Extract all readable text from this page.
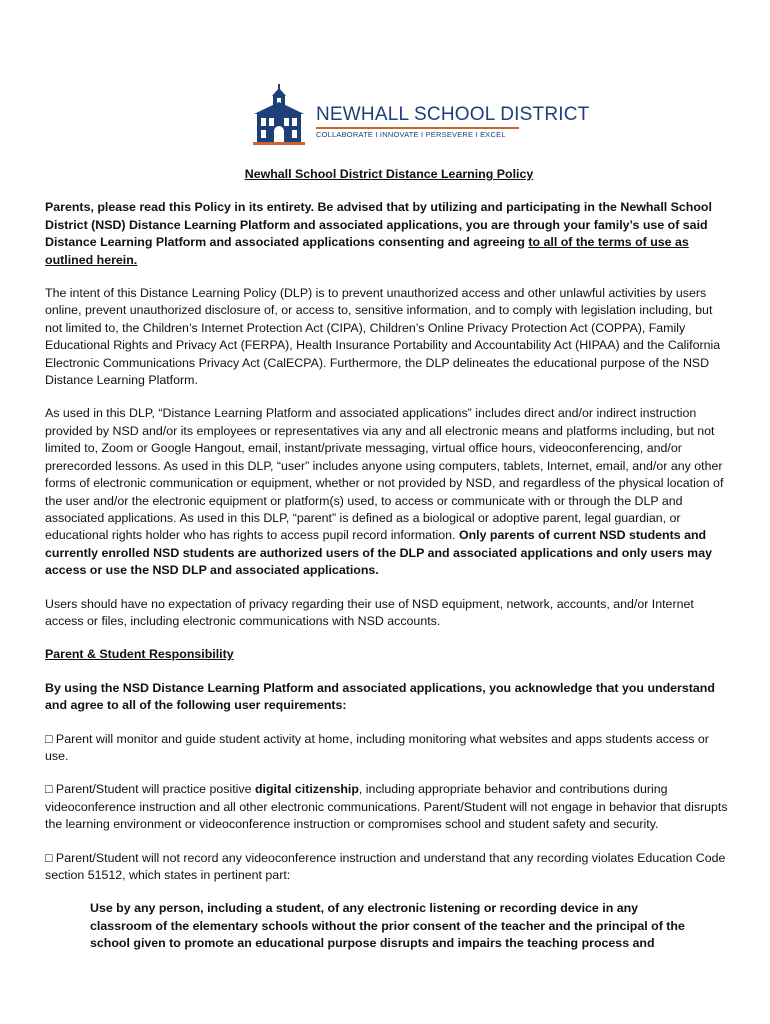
NEWHALL SCHOOL DISTRICT
COLLABORATE I INNOVATE I PERSEVERE I EXCEL
Newhall School District Distance Learning Policy

Parents, please read this Policy in its entirety. Be advised that by utilizing and participating in the Newhall School District (NSD) Distance Learning Platform and associated applications, you are through your family’s use of said Distance Learning Platform and associated applications consenting and agreeing to all of the terms of use as outlined herein.

The intent of this Distance Learning Policy (DLP) is to prevent unauthorized access and other unlawful activities by users online, prevent unauthorized disclosure of, or access to, sensitive information, and to comply with legislation including, but not limited to, the Children’s Internet Protection Act (CIPA), Children’s Online Privacy Protection Act (COPPA), Family Educational Rights and Privacy Act (FERPA), Health Insurance Portability and Accountability Act (HIPAA) and the California Electronic Communications Privacy Act (CalECPA). Furthermore, the DLP delineates the educational purpose of the NSD Distance Learning Platform.

As used in this DLP, “Distance Learning Platform and associated applications” includes direct and/or indirect instruction provided by NSD and/or its employees or representatives via any and all electronic means and platforms including, but not limited to, Zoom or Google Hangout, email, instant/private messaging, virtual office hours, videoconferencing, and/or prerecorded lessons. As used in this DLP, “user” includes anyone using computers, tablets, Internet, email, and/or any other forms of electronic communication or equipment, whether or not provided by NSD, and regardless of the physical location of the user and/or the electronic equipment or platform(s) used, to access or communicate with or through the DLP and associated applications. As used in this DLP, “parent” is defined as a biological or adoptive parent, legal guardian, or educational rights holder who has rights to access pupil record information. Only parents of current NSD students and currently enrolled NSD students are authorized users of the DLP and associated applications and only users may access or use the NSD DLP and associated applications.

Users should have no expectation of privacy regarding their use of NSD equipment, network, accounts, and/or Internet access or files, including electronic communications with NSD accounts.

Parent & Student Responsibility

By using the NSD Distance Learning Platform and associated applications, you acknowledge that you understand and agree to all of the following user requirements:

□ Parent will monitor and guide student activity at home, including monitoring what websites and apps students access or use.

□ Parent/Student will practice positive digital citizenship, including appropriate behavior and contributions during videoconference instruction and all other electronic communications. Parent/Student will not engage in behavior that disrupts the learning environment or videoconference instruction or compromises school and student safety and security.

□ Parent/Student will not record any videoconference instruction and understand that any recording violates Education Code section 51512, which states in pertinent part:

Use by any person, including a student, of any electronic listening or recording device in any classroom of the elementary schools without the prior consent of the teacher and the principal of the school given to promote an educational purpose disrupts and impairs the teaching process and
